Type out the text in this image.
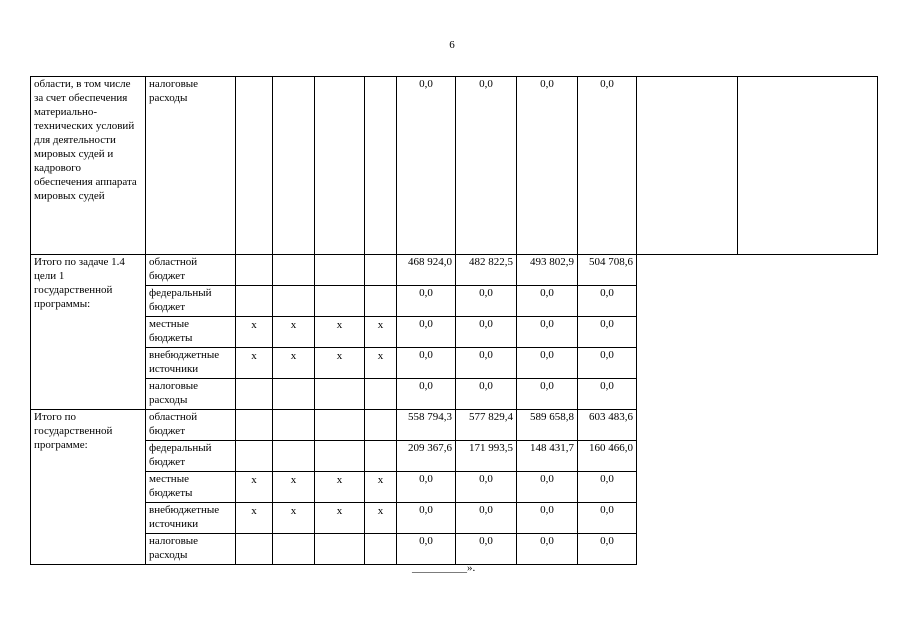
6
области, в том числе за счет обеспечения материально-технических условий для деятельности мировых судей и кадрового обеспечения аппарата мировых судей	налоговые расходы					0,0	0,0	0,0	0,0		
Итого по задаче 1.4 цели 1 государственной программы:	областной бюджет					468 924,0	482 822,5	493 802,9	504 708,6		
	федеральный бюджет					0,0	0,0	0,0	0,0		
	местные бюджеты	x	x	x	x	0,0	0,0	0,0	0,0		
	внебюджетные источники	x	x	x	x	0,0	0,0	0,0	0,0		
	налоговые расходы					0,0	0,0	0,0	0,0		
Итого по государственной программе:	областной бюджет					558 794,3	577 829,4	589 658,8	603 483,6		
	федеральный бюджет					209 367,6	171 993,5	148 431,7	160 466,0		
	местные бюджеты	x	x	x	x	0,0	0,0	0,0	0,0		
	внебюджетные источники	x	x	x	x	0,0	0,0	0,0	0,0		
	налоговые расходы					0,0	0,0	0,0	0,0		
__________».
